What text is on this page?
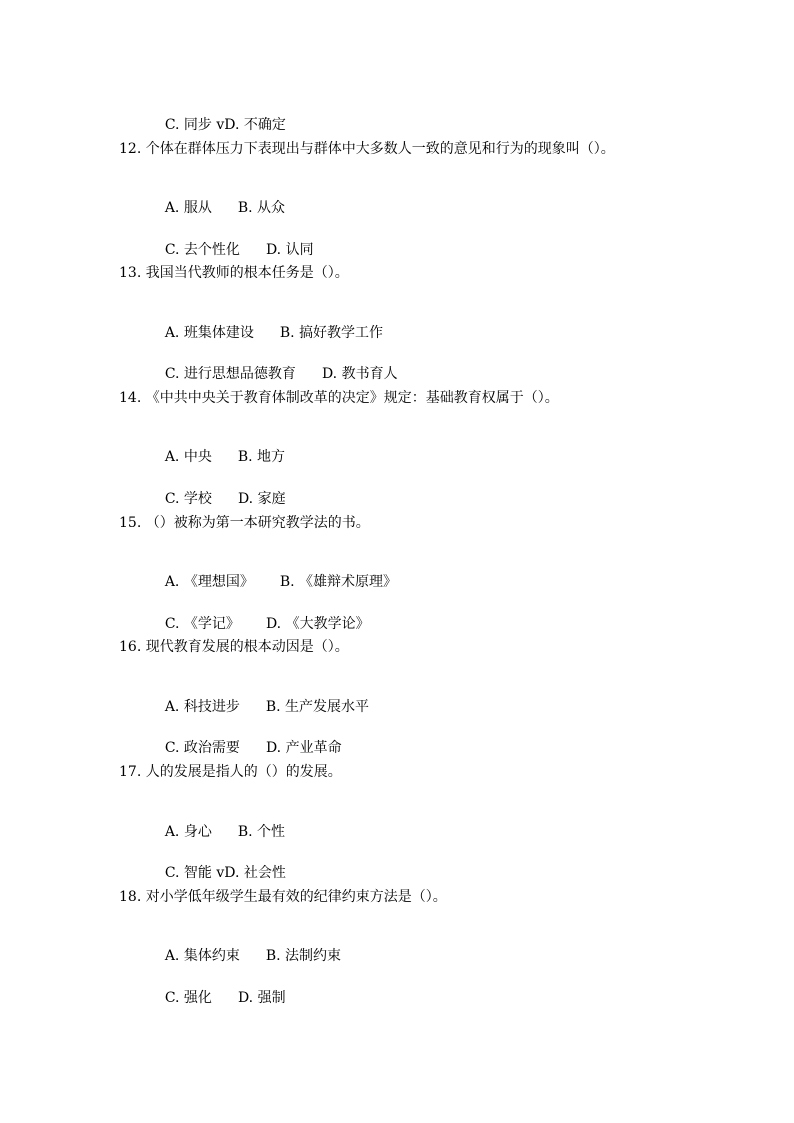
C. 同步 vD. 不确定

12. 个体在群体压力下表现出与群体中大多数人一致的意见和行为的现象叫（）。

A. 服从 B. 从众

C. 去个性化 D. 认同

13. 我国当代教师的根本任务是（）。

A. 班集体建设 B. 搞好教学工作

C. 进行思想品德教育 D. 教书育人

14. 《中共中央关于教育体制改革的决定》规定：基础教育权属于（）。

A. 中央 B. 地方

C. 学校 D. 家庭

15. （）被称为第一本研究教学法的书。

A. 《理想国》 B. 《雄辩术原理》

C. 《学记》 D. 《大教学论》

16. 现代教育发展的根本动因是（）。

A. 科技进步 B. 生产发展水平

C. 政治需要 D. 产业革命

17. 人的发展是指人的（）的发展。

A. 身心 B. 个性

C. 智能 vD. 社会性

18. 对小学低年级学生最有效的纪律约束方法是（）。

A. 集体约束 B. 法制约束

C. 强化 D. 强制
